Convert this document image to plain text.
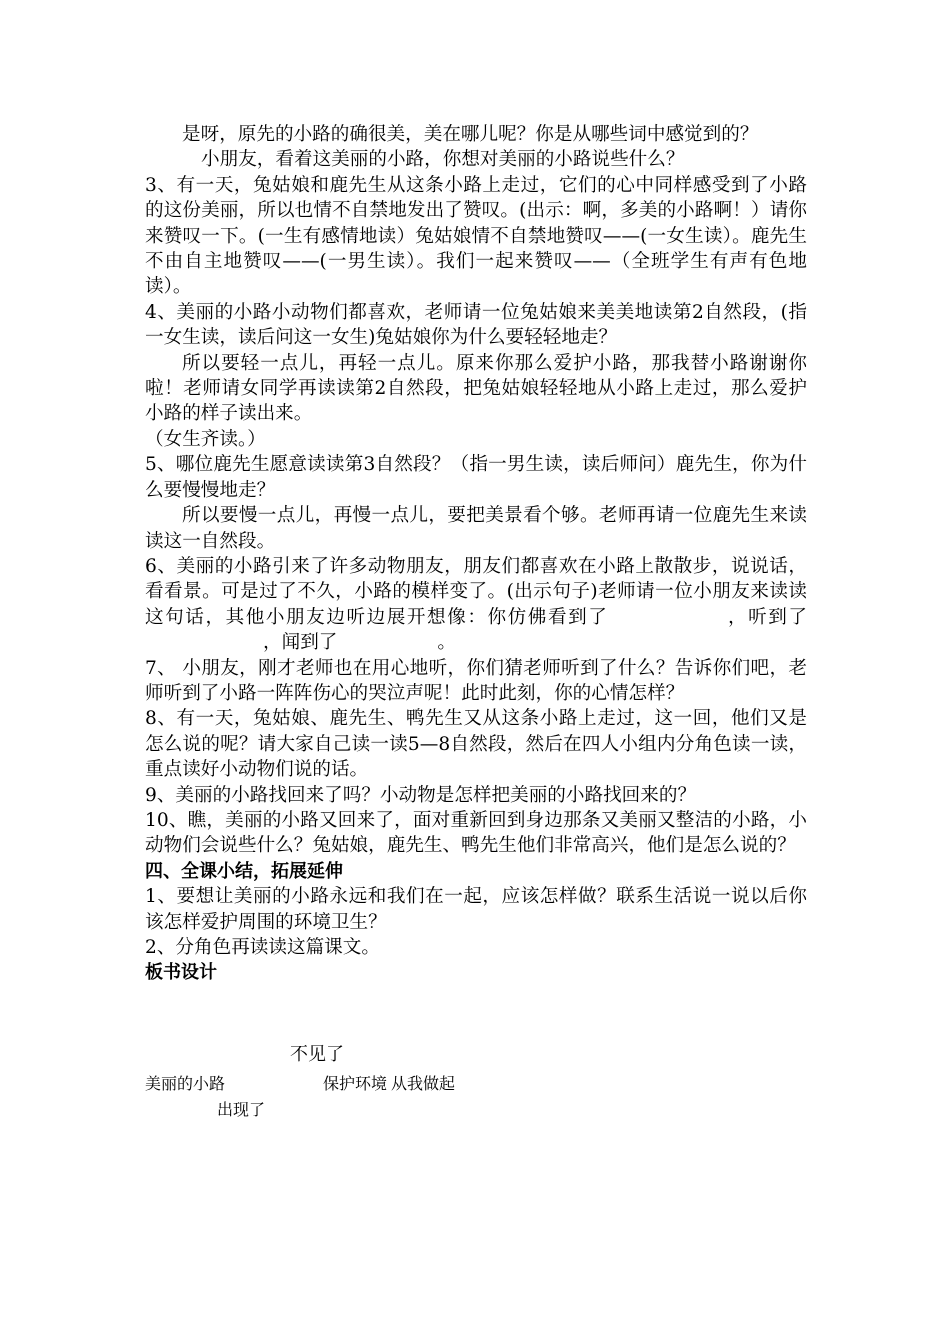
是呀，原先的小路的确很美，美在哪儿呢？你是从哪些词中感觉到的？

小朋友，看着这美丽的小路，你想对美丽的小路说些什么？

3、有一天，兔姑娘和鹿先生从这条小路上走过，它们的心中同样感受到了小路的这份美丽，所以也情不自禁地发出了赞叹。(出示：啊，多美的小路啊！）请你来赞叹一下。(一生有感情地读）兔姑娘情不自禁地赞叹——(一女生读）。鹿先生不由自主地赞叹——(一男生读）。我们一起来赞叹——（全班学生有声有色地读）。

4、美丽的小路小动物们都喜欢，老师请一位兔姑娘来美美地读第2自然段，(指一女生读，读后问这一女生)兔姑娘你为什么要轻轻地走？

所以要轻一点儿，再轻一点儿。原来你那么爱护小路，那我替小路谢谢你啦！老师请女同学再读读第2自然段，把兔姑娘轻轻地从小路上走过，那么爱护小路的样子读出来。

（女生齐读。）

5、哪位鹿先生愿意读读第3自然段？（指一男生读，读后师问）鹿先生，你为什么要慢慢地走？

所以要慢一点儿，再慢一点儿，要把美景看个够。老师再请一位鹿先生来读读这一自然段。

6、美丽的小路引来了许多动物朋友，朋友们都喜欢在小路上散散步，说说话，看看景。可是过了不久，小路的模样变了。(出示句子)老师请一位小朋友来读读这句话，其他小朋友边听边展开想像：你仿佛看到了	，听到了，闻到了	。

7、 小朋友，刚才老师也在用心地听，你们猜老师听到了什么？告诉你们吧，老师听到了小路一阵阵伤心的哭泣声呢！此时此刻，你的心情怎样？

8、有一天，兔姑娘、鹿先生、鸭先生又从这条小路上走过，这一回，他们又是怎么说的呢？请大家自己读一读5—8自然段，然后在四人小组内分角色读一读，重点读好小动物们说的话。

9、美丽的小路找回来了吗？小动物是怎样把美丽的小路找回来的？

10、瞧，美丽的小路又回来了，面对重新回到身边那条又美丽又整洁的小路，小动物们会说些什么？兔姑娘，鹿先生、鸭先生他们非常高兴，他们是怎么说的？

四、全课小结，拓展延伸

1、要想让美丽的小路永远和我们在一起，应该怎样做？联系生活说一说以后你该怎样爱护周围的环境卫生？

2、分角色再读读这篇课文。

板书设计

不见了
美丽的小路	保护环境 从我做起
出现了
